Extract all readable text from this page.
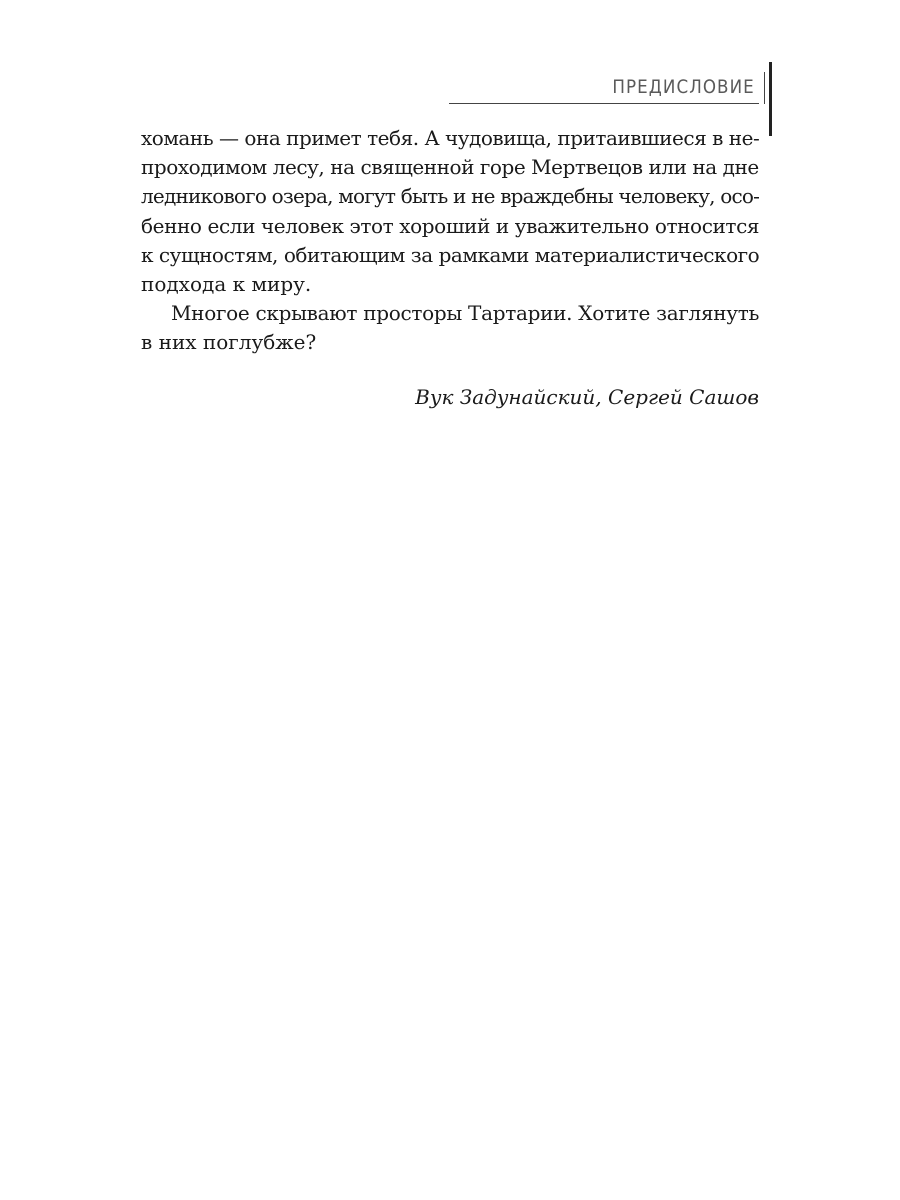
ПРЕДИСЛОВИЕ
хомань — она примет тебя. А чудовища, притаившиеся в не-
проходимом лесу, на священной горе Мертвецов или на дне
ледникового озера, могут быть и не враждебны человеку, осо-
бенно если человек этот хороший и уважительно относится
к сущностям, обитающим за рамками материалистического
подхода к миру.
Многое скрывают просторы Тартарии. Хотите заглянуть
в них поглубже?
Вук Задунайский, Сергей Сашов
